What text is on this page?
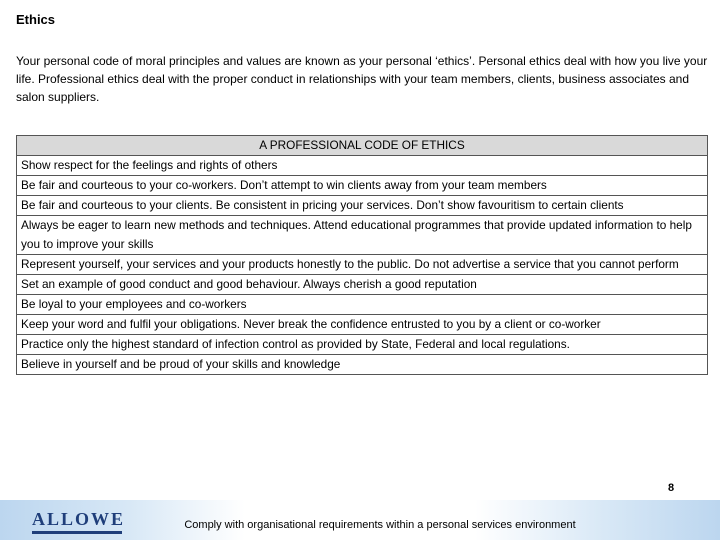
Ethics
Your personal code of moral principles and values are known as your personal ‘ethics’. Personal ethics deal with how you live your life. Professional ethics deal with the proper conduct in relationships with your team members, clients, business associates and salon suppliers.
A PROFESSIONAL CODE OF ETHICS
Show respect for the feelings and rights of others
Be fair and courteous to your co-workers. Don’t attempt to win clients away from your team members
Be fair and courteous to your clients. Be consistent in pricing your services. Don’t show favouritism to certain clients
Always be eager to learn new methods and techniques. Attend educational programmes that provide updated information to help you to improve your skills
Represent yourself, your services and your products honestly to the public. Do not advertise a service that you cannot perform
Set an example of good conduct and good behaviour. Always cherish a good reputation
Be loyal to your employees and co-workers
Keep your word and fulfil your obligations. Never break the confidence entrusted to you by a client or co-worker
Practice only the highest standard of infection control as provided by State, Federal and local regulations.
Believe in yourself and be proud of your skills and knowledge
8
ALLOWE	Comply with organisational requirements within a personal services environment
